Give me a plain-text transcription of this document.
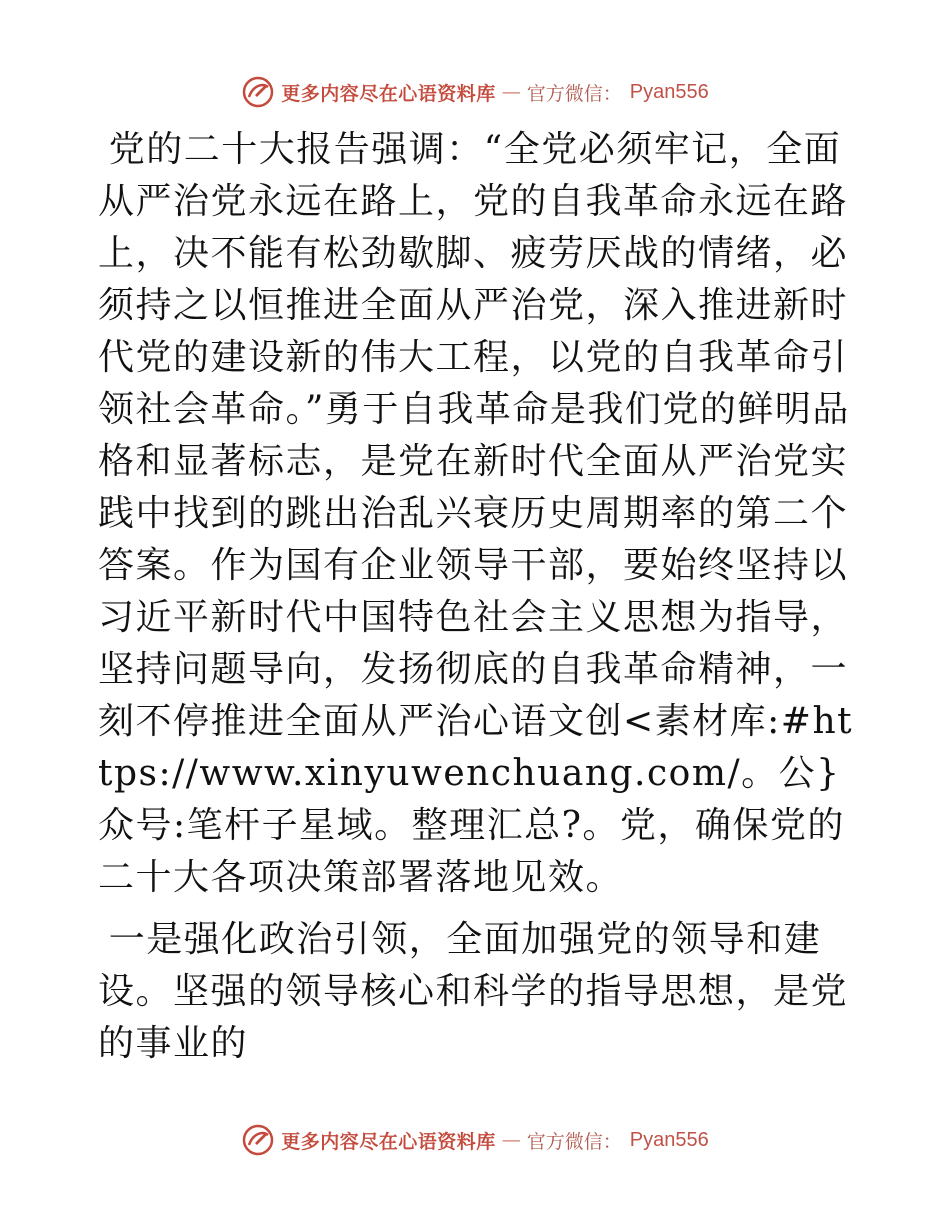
更多内容尽在心语资料库 — 官方微信： Pyan556

党的二十大报告强调：“全党必须牢记，全面从严治党永远在路上，党的自我革命永远在路上，决不能有松劲歇脚、疲劳厌战的情绪，必须持之以恒推进全面从严治党，深入推进新时代党的建设新的伟大工程，以党的自我革命引领社会革命。”勇于自我革命是我们党的鲜明品格和显著标志，是党在新时代全面从严治党实践中找到的跳出治乱兴衰历史周期率的第二个答案。作为国有企业领导干部，要始终坚持以习近平新时代中国特色社会主义思想为指导，坚持问题导向，发扬彻底的自我革命精神，一刻不停推进全面从严治心语文创<素材库:#https://www.xinyuwenchuang.com/。公}众号:笔杆子星域。整理汇总?。党，确保党的二十大各项决策部署落地见效。

一是强化政治引领，全面加强党的领导和建设。坚强的领导核心和科学的指导思想，是党的事业的

更多内容尽在心语资料库 — 官方微信： Pyan556
